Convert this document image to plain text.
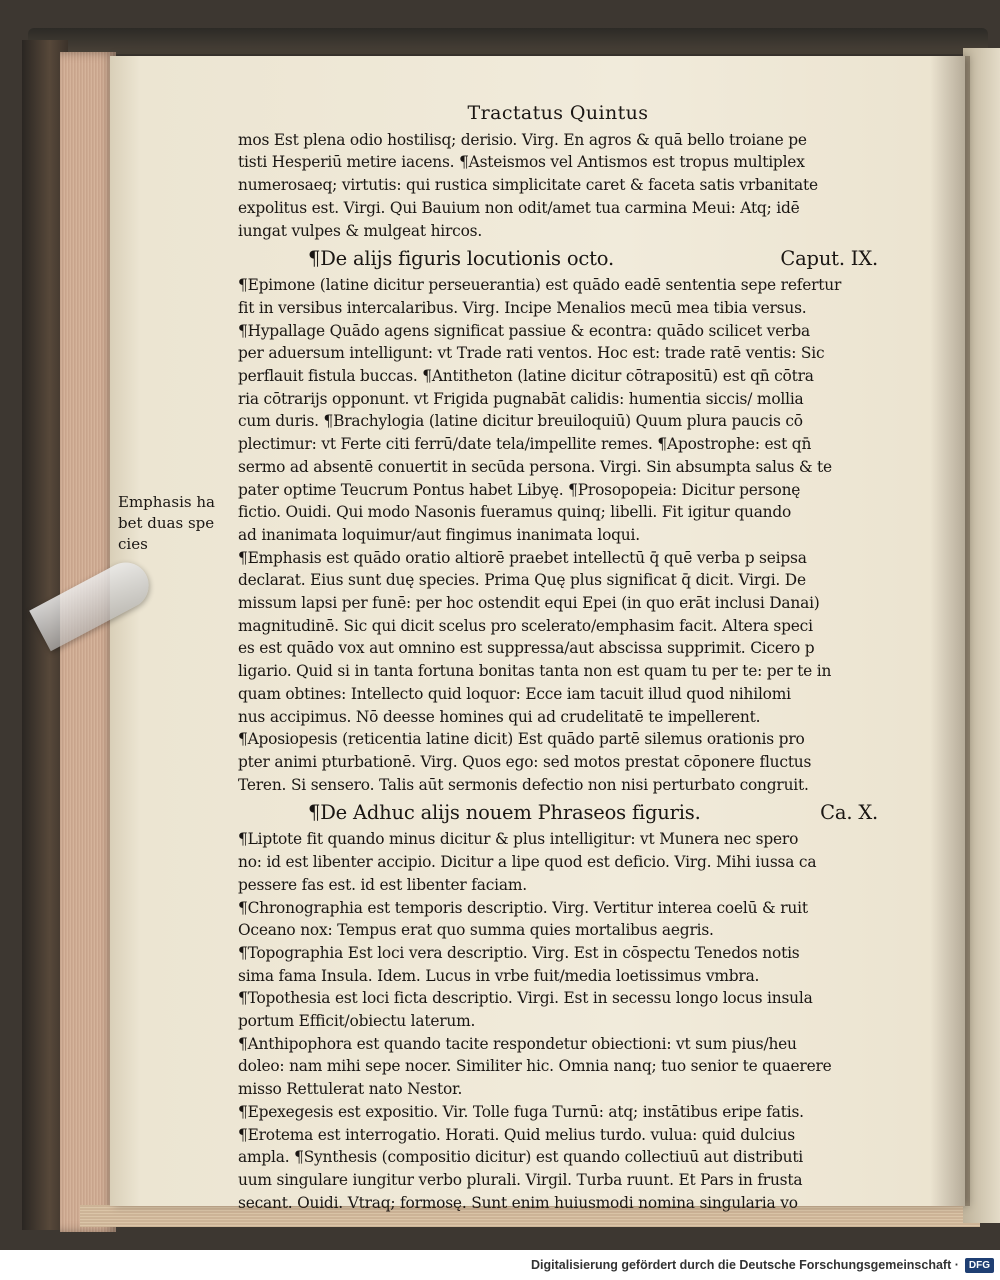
Emphasis ha
bet duas spe
cies
Tractatus Quintus
mos Est plena odio hostilisq; derisio. Virg. En agros & quā bello troiane pe
tisti Hesperiū metire iacens. ¶Asteismos vel Antismos est tropus multiplex
numerosaeq; virtutis: qui rustica simplicitate caret & faceta satis vrbanitate
expolitus est. Virgi. Qui Bauium non odit/amet tua carmina Meui: Atq; idē
iungat vulpes & mulgeat hircos.
¶De alijs figuris locutionis octo.	Caput. IX.
¶Epimone (latine dicitur perseuerantia) est quādo eadē sententia sepe refertur
fit in versibus intercalaribus. Virg. Incipe Menalios mecū mea tibia versus.
¶Hypallage Quādo agens significat passiue & econtra: quādo scilicet verba
per aduersum intelligunt: vt Trade rati ventos. Hoc est: trade ratē ventis: Sic
perflauit fistula buccas. ¶Antitheton (latine dicitur cōtrapositū) est qn̄ cōtra
ria cōtrarijs opponunt. vt Frigida pugnabāt calidis: humentia siccis/ mollia
cum duris. ¶Brachylogia (latine dicitur breuiloquiū) Quum plura paucis cō
plectimur: vt Ferte citi ferrū/date tela/impellite remes. ¶Apostrophe: est qn̄
sermo ad absentē conuertit in secūda persona. Virgi. Sin absumpta salus & te
pater optime Teucrum Pontus habet Libyę. ¶Prosopopeia: Dicitur personę
fictio. Ouidi. Qui modo Nasonis fueramus quinq; libelli. Fit igitur quando
ad inanimata loquimur/aut fingimus inanimata loqui.
¶Emphasis est quādo oratio altiorē praebet intellectū q̄ quē verba p seipsa
declarat. Eius sunt duę species. Prima Quę plus significat q̄ dicit. Virgi. De
missum lapsi per funē: per hoc ostendit equi Epei (in quo erāt inclusi Danai)
magnitudinē. Sic qui dicit scelus pro scelerato/emphasim facit. Altera speci
es est quādo vox aut omnino est suppressa/aut abscissa supprimit. Cicero p
ligario. Quid si in tanta fortuna bonitas tanta non est quam tu per te: per te in
quam obtines: Intellecto quid loquor: Ecce iam tacuit illud quod nihilomi
nus accipimus. Nō deesse homines qui ad crudelitatē te impellerent.
¶Aposiopesis (reticentia latine dicit) Est quādo partē silemus orationis pro
pter animi pturbationē. Virg. Quos ego: sed motos prestat cōponere fluctus
Teren. Si sensero. Talis aūt sermonis defectio non nisi perturbato congruit.
¶De Adhuc alijs nouem Phraseos figuris.	Ca. X.
¶Liptote fit quando minus dicitur & plus intelligitur: vt Munera nec spero
no: id est libenter accipio. Dicitur a lipe quod est deficio. Virg. Mihi iussa ca
pessere fas est. id est libenter faciam.
¶Chronographia est temporis descriptio. Virg. Vertitur interea coelū & ruit
Oceano nox: Tempus erat quo summa quies mortalibus aegris.
¶Topographia Est loci vera descriptio. Virg. Est in cōspectu Tenedos notis
sima fama Insula. Idem. Lucus in vrbe fuit/media loetissimus vmbra.
¶Topothesia est loci ficta descriptio. Virgi. Est in secessu longo locus insula
portum Efficit/obiectu laterum.
¶Anthipophora est quando tacite respondetur obiectioni: vt sum pius/heu
doleo: nam mihi sepe nocer. Similiter hic. Omnia nanq; tuo senior te quaerere
misso Rettulerat nato Nestor.
¶Epexegesis est expositio. Vir. Tolle fuga Turnū: atq; instātibus eripe fatis.
¶Erotema est interrogatio. Horati. Quid melius turdo. vulua: quid dulcius
ampla. ¶Synthesis (compositio dicitur) est quando collectiuū aut distributi
uum singulare iungitur verbo plurali. Virgil. Turba ruunt. Et Pars in frusta
secant. Ouidi. Vtraq; formosę. Sunt enim huiusmodi nomina singularia vo
Digitalisierung gefördert durch die Deutsche Forschungsgemeinschaft ·	DFG
